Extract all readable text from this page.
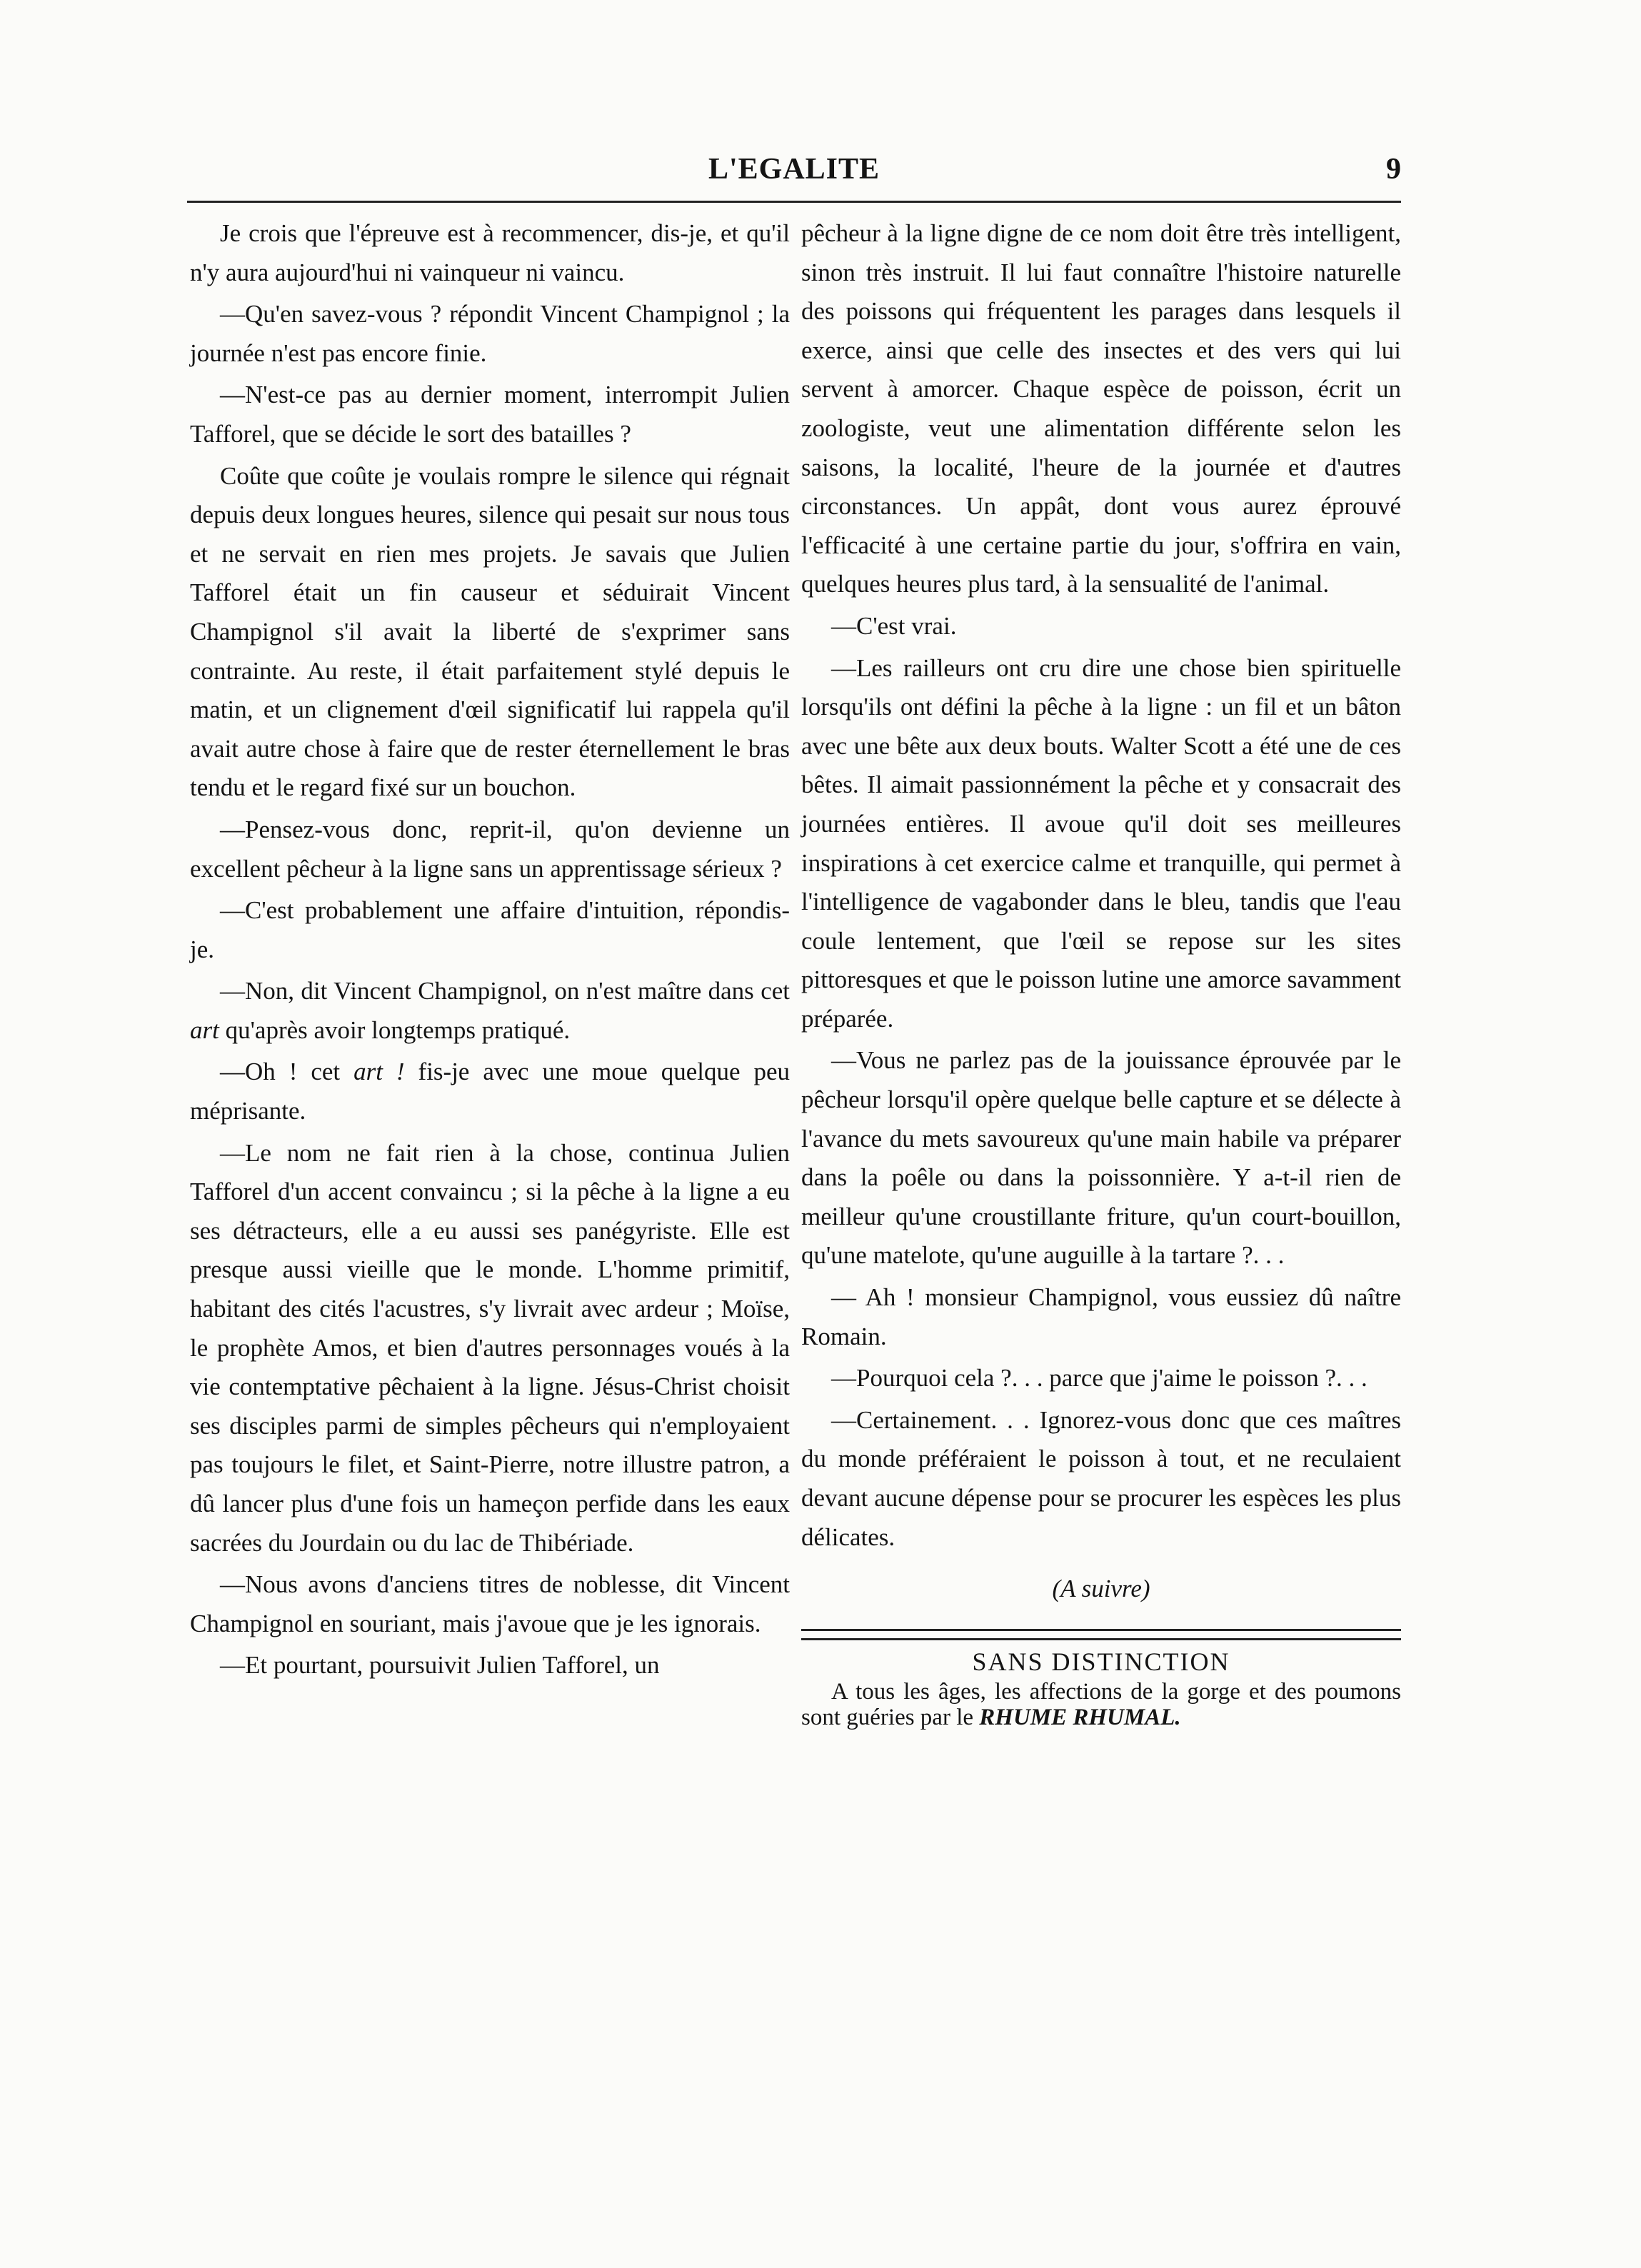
L'EGALITE	9

Je crois que l'épreuve est à recommencer, dis-je, et qu'il n'y aura aujourd'hui ni vainqueur ni vaincu.

—Qu'en savez-vous ? répondit Vincent Champignol ; la journée n'est pas encore finie.

—N'est-ce pas au dernier moment, interrompit Julien Tafforel, que se décide le sort des batailles ?

Coûte que coûte je voulais rompre le silence qui régnait depuis deux longues heures, silence qui pesait sur nous tous et ne servait en rien mes projets. Je savais que Julien Tafforel était un fin causeur et séduirait Vincent Champignol s'il avait la liberté de s'exprimer sans contrainte. Au reste, il était parfaitement stylé depuis le matin, et un clignement d'œil significatif lui rappela qu'il avait autre chose à faire que de rester éternellement le bras tendu et le regard fixé sur un bouchon.

—Pensez-vous donc, reprit-il, qu'on devienne un excellent pêcheur à la ligne sans un apprentissage sérieux ?

—C'est probablement une affaire d'intuition, répondis-je.

—Non, dit Vincent Champignol, on n'est maître dans cet art qu'après avoir longtemps pratiqué.

—Oh ! cet art ! fis-je avec une moue quelque peu méprisante.

—Le nom ne fait rien à la chose, continua Julien Tafforel d'un accent convaincu ; si la pêche à la ligne a eu ses détracteurs, elle a eu aussi ses panégyriste. Elle est presque aussi vieille que le monde. L'homme primitif, habitant des cités l'acustres, s'y livrait avec ardeur ; Moïse, le prophète Amos, et bien d'autres personnages voués à la vie contemptative pêchaient à la ligne. Jésus-Christ choisit ses disciples parmi de simples pêcheurs qui n'employaient pas toujours le filet, et Saint-Pierre, notre illustre patron, a dû lancer plus d'une fois un hameçon perfide dans les eaux sacrées du Jourdain ou du lac de Thibériade.

—Nous avons d'anciens titres de noblesse, dit Vincent Champignol en souriant, mais j'avoue que je les ignorais.

—Et pourtant, poursuivit Julien Tafforel, un

pêcheur à la ligne digne de ce nom doit être très intelligent, sinon très instruit. Il lui faut connaître l'histoire naturelle des poissons qui fréquentent les parages dans lesquels il exerce, ainsi que celle des insectes et des vers qui lui servent à amorcer. Chaque espèce de poisson, écrit un zoologiste, veut une alimentation différente selon les saisons, la localité, l'heure de la journée et d'autres circonstances. Un appât, dont vous aurez éprouvé l'efficacité à une certaine partie du jour, s'offrira en vain, quelques heures plus tard, à la sensualité de l'animal.

—C'est vrai.

—Les railleurs ont cru dire une chose bien spirituelle lorsqu'ils ont défini la pêche à la ligne : un fil et un bâton avec une bête aux deux bouts. Walter Scott a été une de ces bêtes. Il aimait passionnément la pêche et y consacrait des journées entières. Il avoue qu'il doit ses meilleures inspirations à cet exercice calme et tranquille, qui permet à l'intelligence de vagabonder dans le bleu, tandis que l'eau coule lentement, que l'œil se repose sur les sites pittoresques et que le poisson lutine une amorce savamment préparée.

—Vous ne parlez pas de la jouissance éprouvée par le pêcheur lorsqu'il opère quelque belle capture et se délecte à l'avance du mets savoureux qu'une main habile va préparer dans la poêle ou dans la poissonnière. Y a-t-il rien de meilleur qu'une croustillante friture, qu'un court-bouillon, qu'une matelote, qu'une auguille à la tartare ?. . .

— Ah ! monsieur Champignol, vous eussiez dû naître Romain.

—Pourquoi cela ?. . . parce que j'aime le poisson ?. . .

—Certainement. . . Ignorez-vous donc que ces maîtres du monde préféraient le poisson à tout, et ne reculaient devant aucune dépense pour se procurer les espèces les plus délicates.

(A suivre)

SANS DISTINCTION

A tous les âges, les affections de la gorge et des poumons sont guéries par le RHUME RHUMAL.
